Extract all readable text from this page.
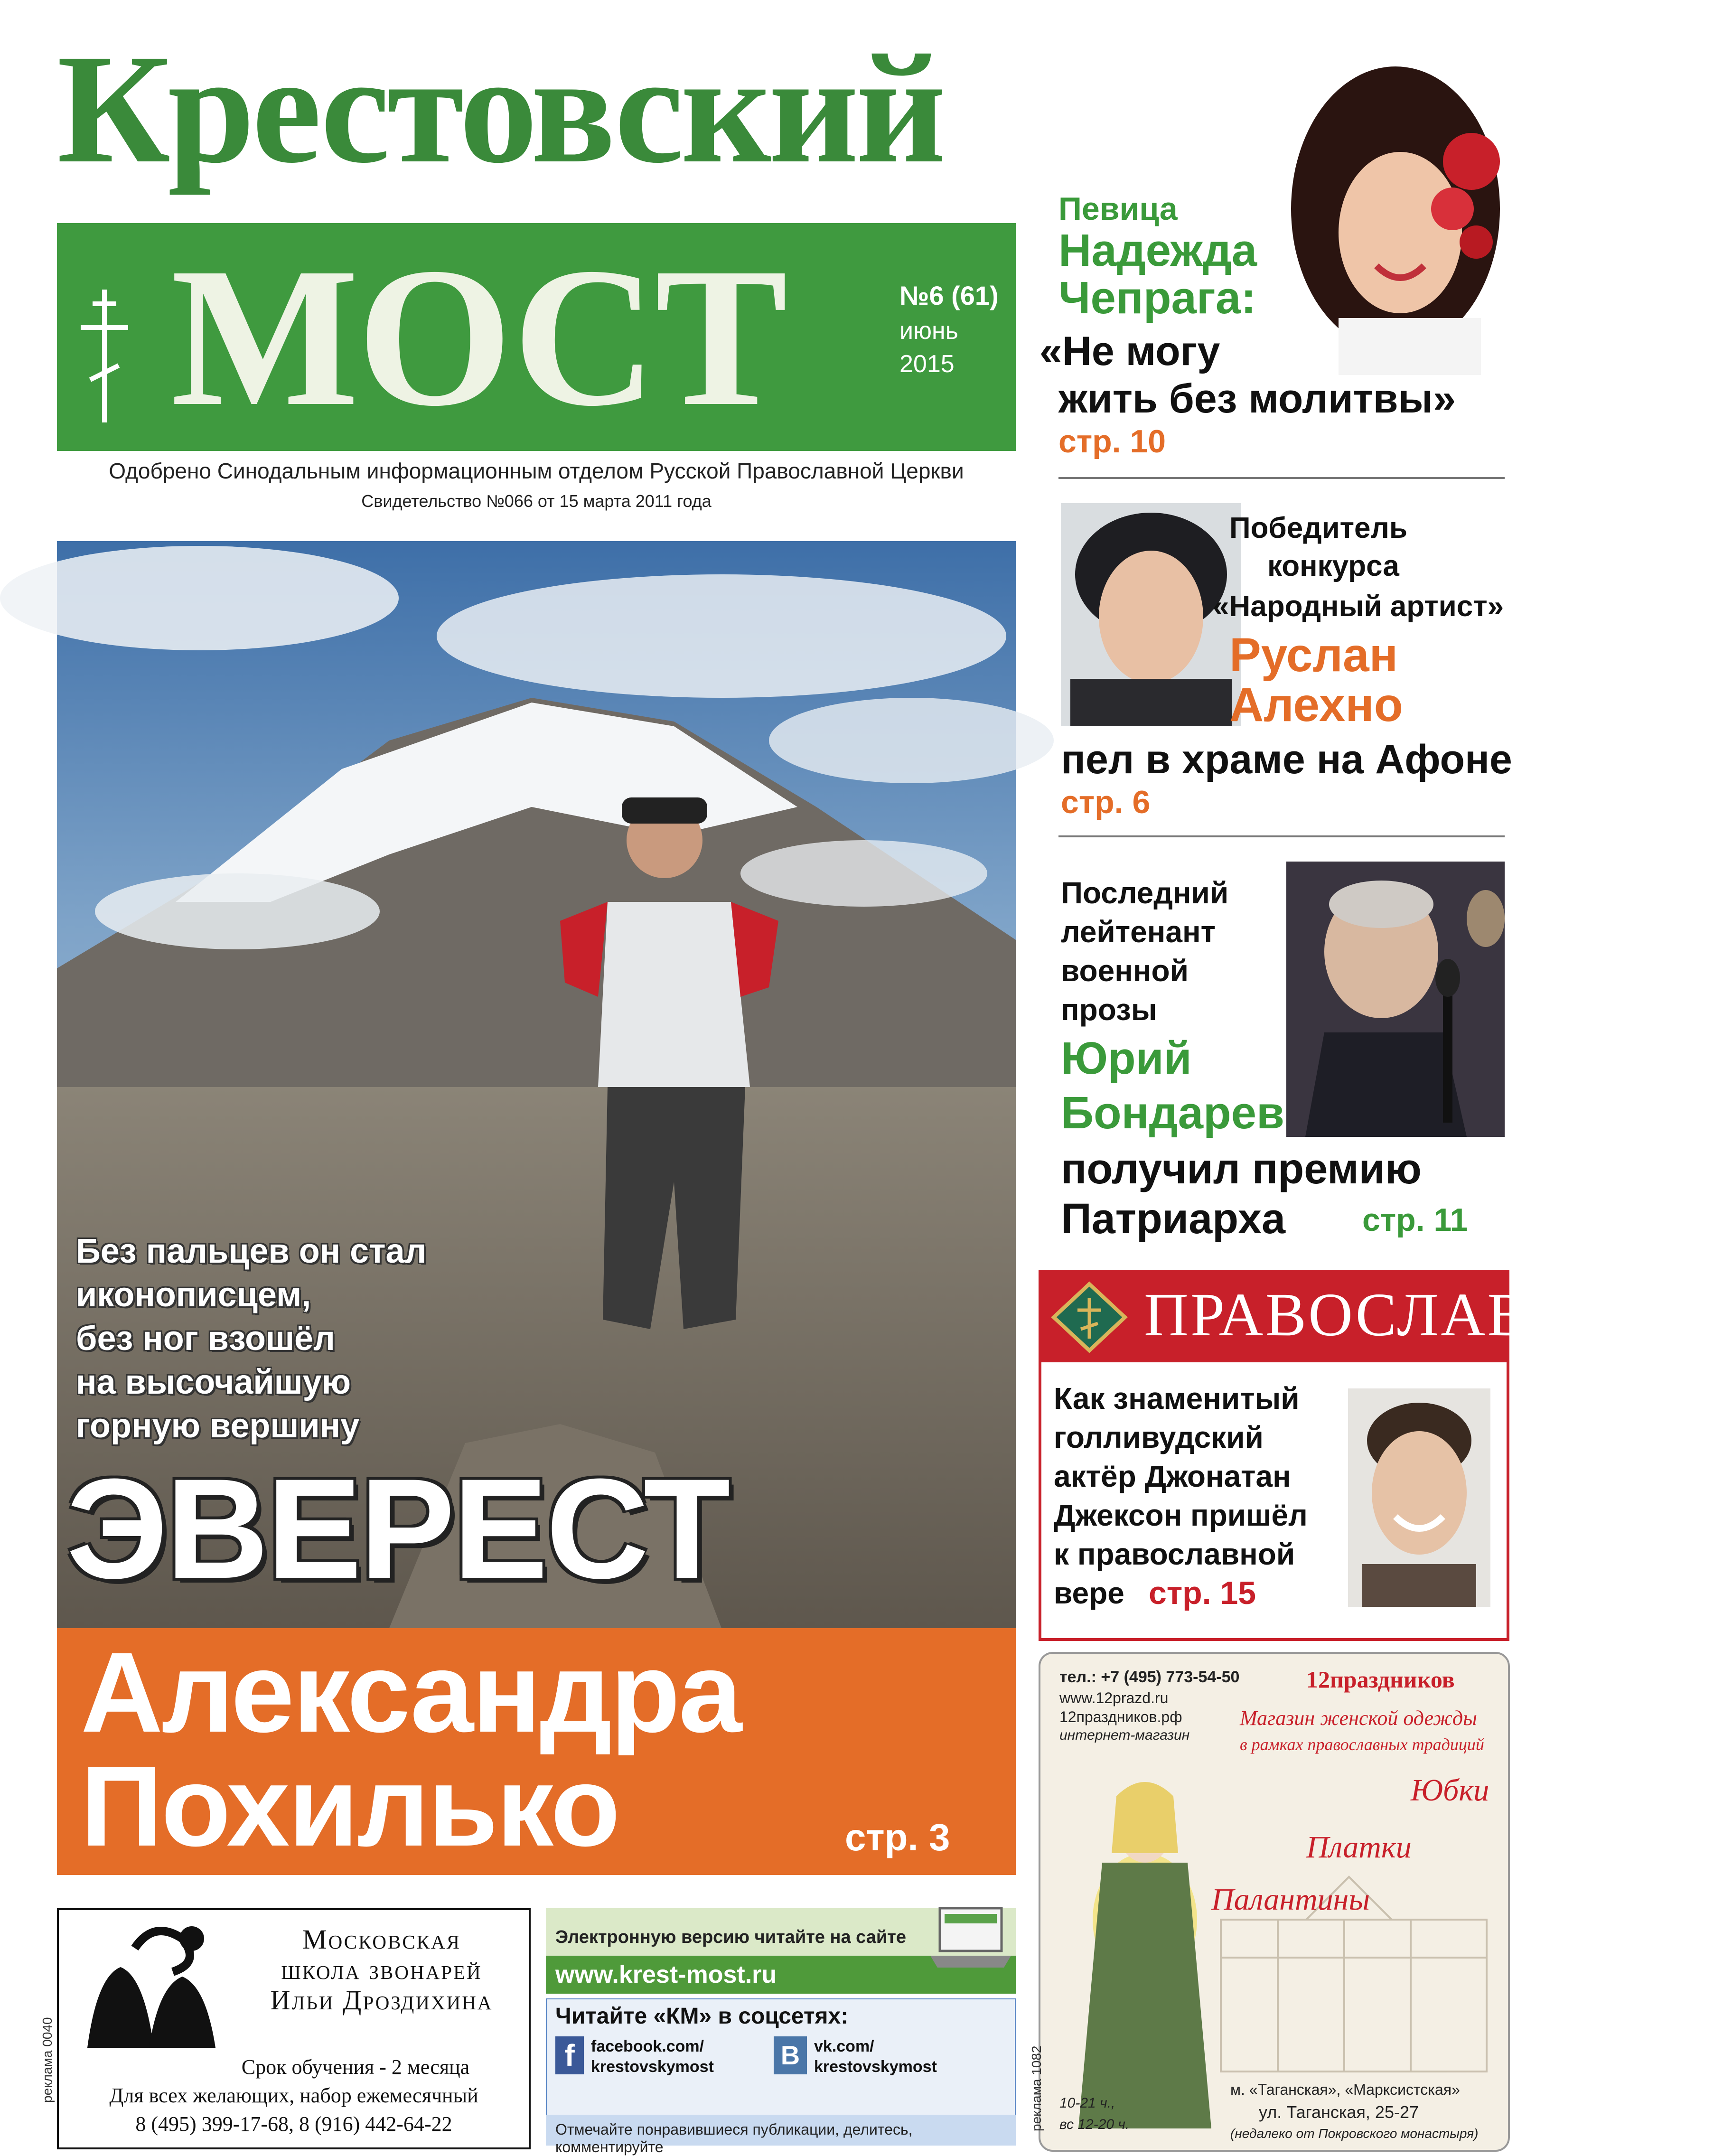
Крестовский
МОСТ	№6 (61)
июнь
2015
Одобрено Синодальным информационным отделом Русской Православной Церкви
Свидетельство №066 от 15 марта 2011 года
Без пальцев он стал
иконописцем,
без ног взошёл
на высочайшую
горную вершину
ЭВЕРЕСТ
Александра
Похилько	стр. 3
Певица
Надежда
Чепрага:
«Не могу
жить без молитвы»
стр. 10
Победитель
конкурса
«Народный артист»
Руслан
Алехно
пел в храме на Афоне
стр. 6
Последний
лейтенант
военной
прозы
Юрий
Бондарев
получил премию
Патриарха стр. 11
ПРАВОСЛАВИЕ.RU
Как знаменитый
голливудский
актёр Джонатан
Джексон пришёл
к православной
вере стр. 15
тел.: +7 (495) 773-54-50
www.12prazd.ru
12праздников.рф
интернет-магазин
12праздников
Магазин женской одежды
в рамках православных традиций
Юбки
Платки
Палантины
м. «Таганская», «Марксистская»
ул. Таганская, 25-27
(недалеко от Покровского монастыря)
10-21 ч.,
вс 12-20 ч.
реклама 1082
Московская
школа звонарей
Ильи Дроздихина
Срок обучения - 2 месяца
Для всех желающих, набор ежемесячный
8 (495) 399-17-68, 8 (916) 442-64-22
реклама 0040
Электронную версию читайте на сайте
www.krest-most.ru
Читайте «КМ» в соцсетях:
f	facebook.com/
krestovskymost	B vk.com/
krestovskymost
Отмечайте понравившиеся публикации, делитесь, комментируйте
